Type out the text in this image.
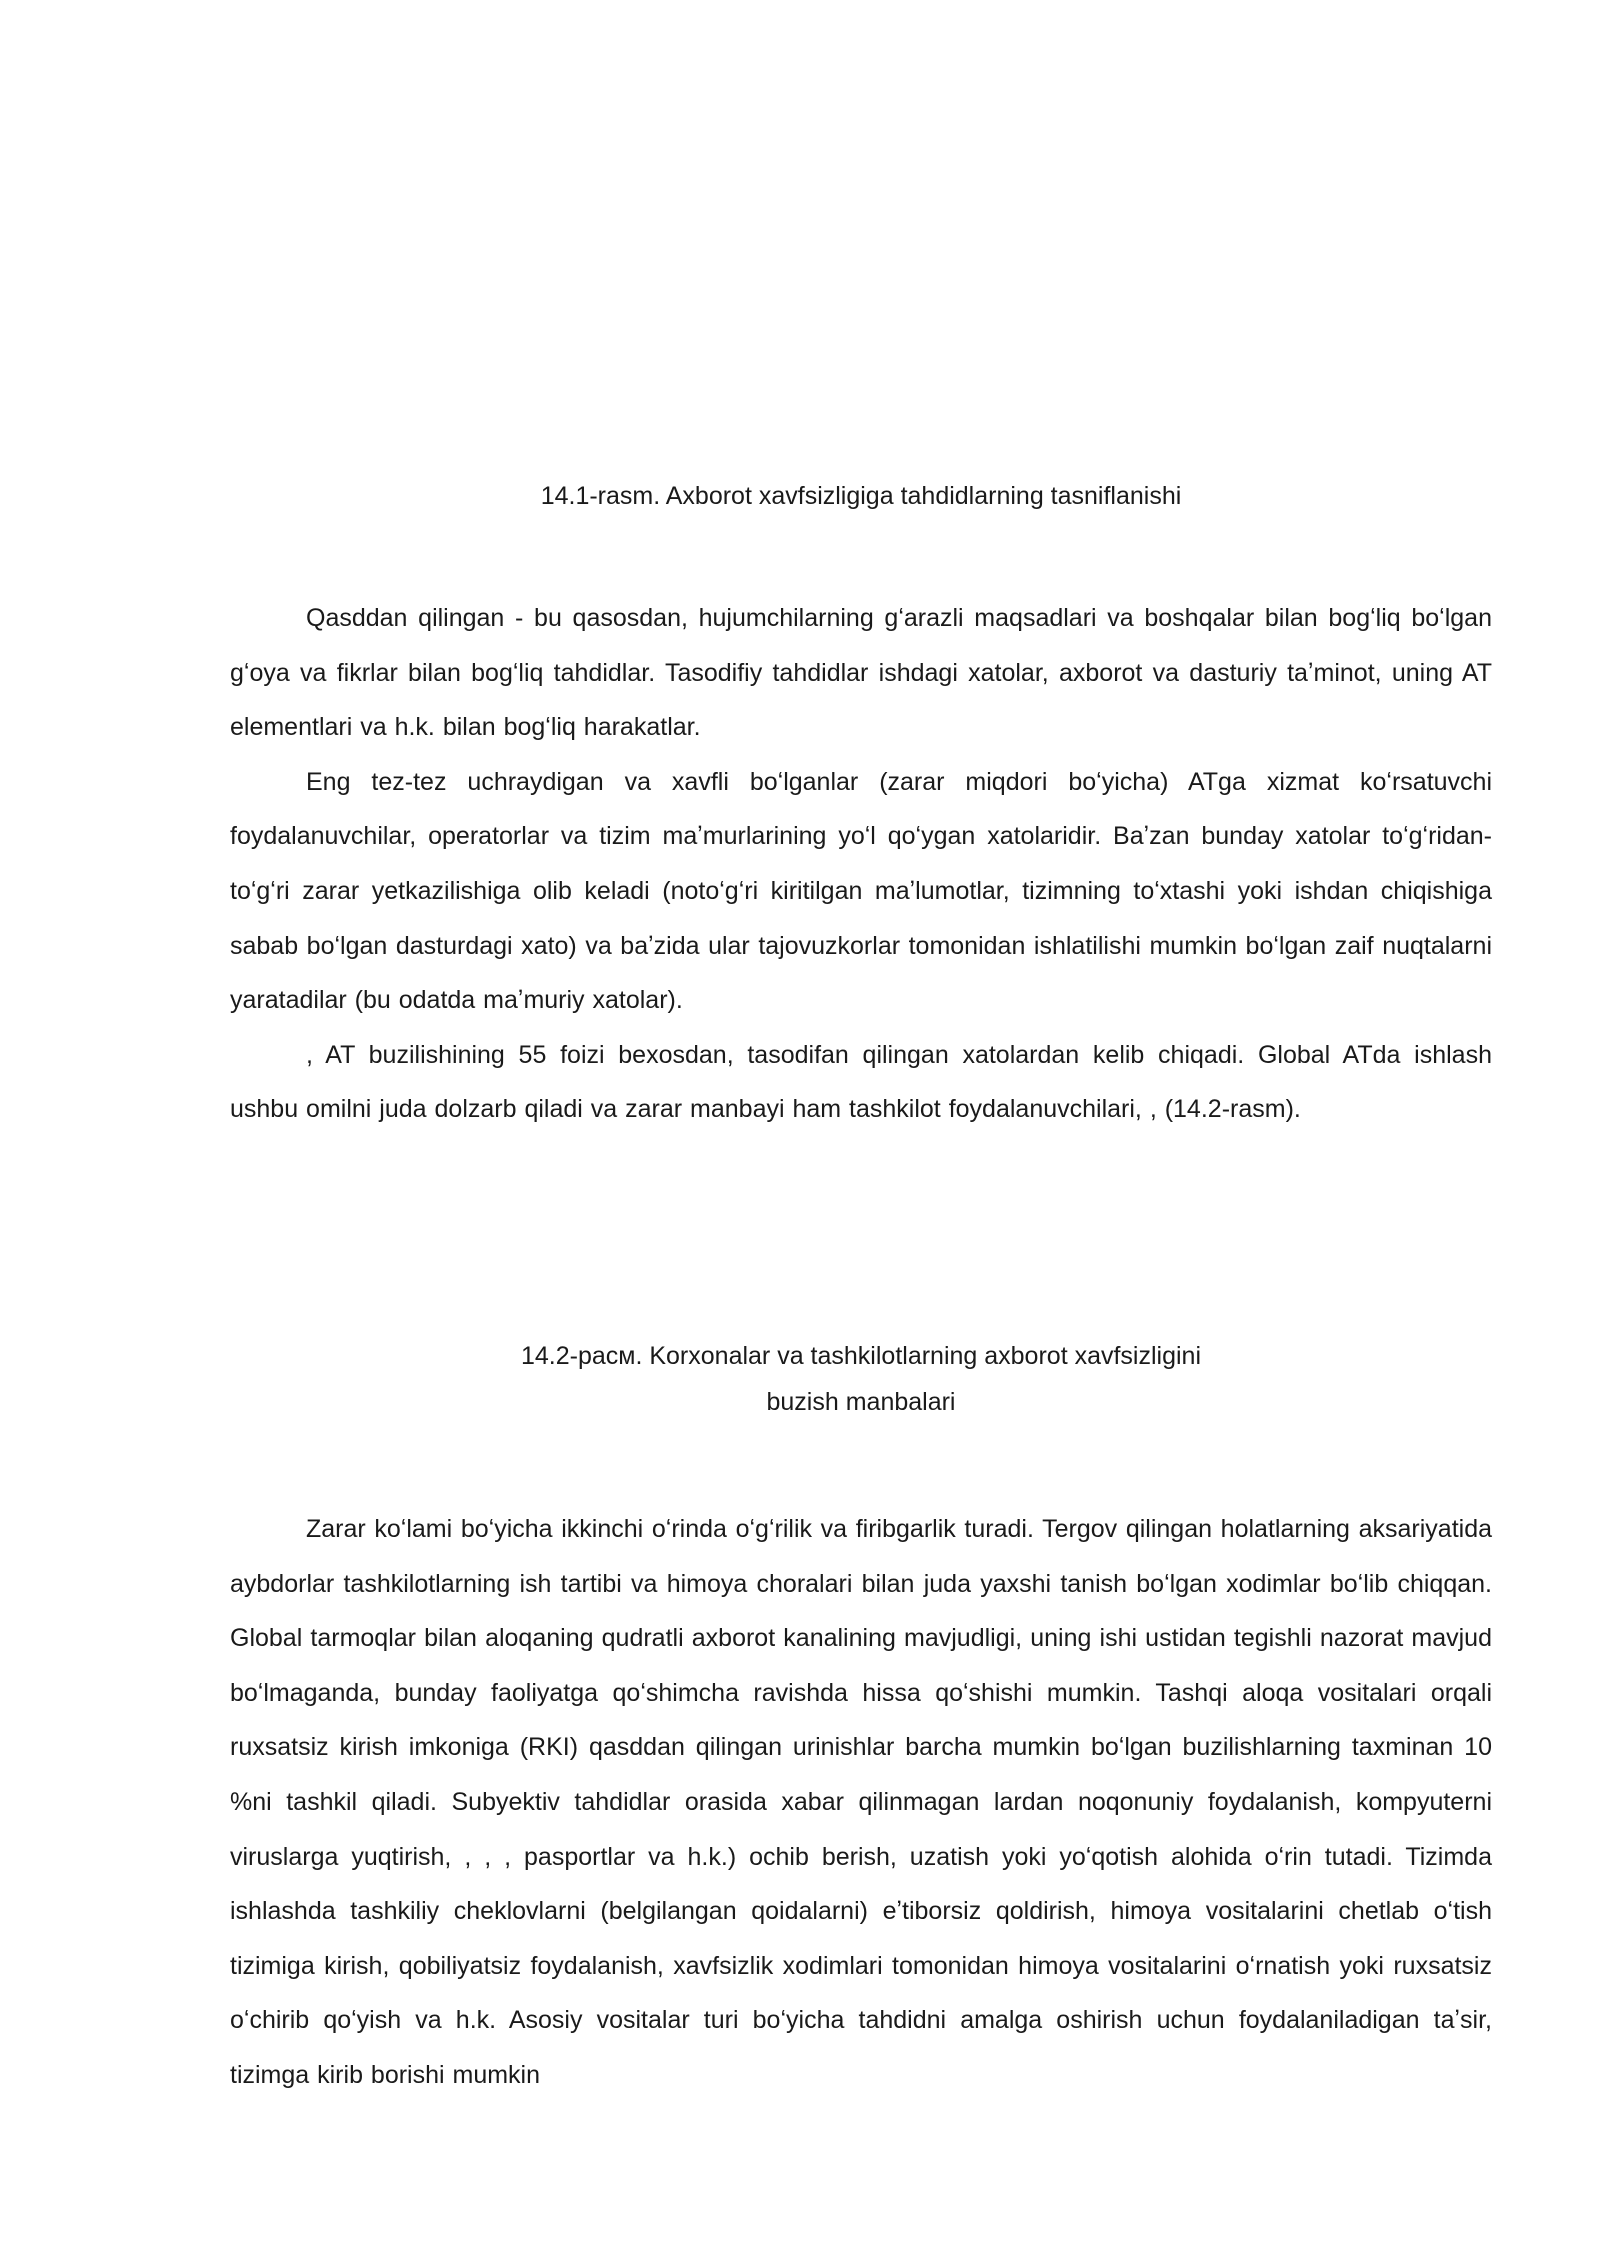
14.1-rasm. Axborot xavfsizligiga tahdidlarning tasniflanishi

Qasddan qilingan - bu qasosdan, hujumchilarning gʻarazli maqsadlari va boshqalar bilan bogʻliq boʻlgan gʻoya va fikrlar bilan bogʻliq tahdidlar. Tasodifiy tahdidlar ishdagi xatolar, axborot va dasturiy taʼminot, uning AT elementlari va h.k. bilan bogʻliq harakatlar.

Eng tez-tez uchraydigan va xavfli boʻlganlar (zarar miqdori boʻyicha) ATga xizmat koʻrsatuvchi foydalanuvchilar, operatorlar va tizim maʼmurlarining yoʻl qoʻygan xatolaridir. Baʼzan bunday xatolar toʻgʻridan-toʻgʻri zarar yetkazilishiga olib keladi (notoʻgʻri kiritilgan maʼlumotlar, tizimning toʻxtashi yoki ishdan chiqishiga sabab boʻlgan dasturdagi xato) va baʼzida ular tajovuzkorlar tomonidan ishlatilishi mumkin boʻlgan zaif nuqtalarni yaratadilar (bu odatda maʼmuriy xatolar).

, AT buzilishining 55 foizi bexosdan, tasodifan qilingan xatolardan kelib chiqadi. Global ATda ishlash ushbu omilni juda dolzarb qiladi va zarar manbayi ham tashkilot foydalanuvchilari, , (14.2-rasm).

14.2-расм. Korxonalar va tashkilotlarning axborot xavfsizligini
buzish manbalari

Zarar koʻlami boʻyicha ikkinchi oʻrinda oʻgʻrilik va firibgarlik turadi. Tergov qilingan holatlarning aksariyatida aybdorlar tashkilotlarning ish tartibi va himoya choralari bilan juda yaxshi tanish boʻlgan xodimlar boʻlib chiqqan. Global tarmoqlar bilan aloqaning qudratli axborot kanalining mavjudligi, uning ishi ustidan tegishli nazorat mavjud boʻlmaganda, bunday faoliyatga qoʻshimcha ravishda hissa qoʻshishi mumkin. Tashqi aloqa vositalari orqali ruxsatsiz kirish imkoniga (RKI) qasddan qilingan urinishlar barcha mumkin boʻlgan buzilishlarning taxminan 10 %ni tashkil qiladi. Subyektiv tahdidlar orasida xabar qilinmagan lardan noqonuniy foydalanish, kompyuterni viruslarga yuqtirish, , , , pasportlar va h.k.) ochib berish, uzatish yoki yoʻqotish alohida oʻrin tutadi. Tizimda ishlashda tashkiliy cheklovlarni (belgilangan qoidalarni) eʼtiborsiz qoldirish, himoya vositalarini chetlab oʻtish tizimiga kirish, qobiliyatsiz foydalanish, xavfsizlik xodimlari tomonidan himoya vositalarini oʻrnatish yoki ruxsatsiz oʻchirib qoʻyish va h.k. Asosiy vositalar turi boʻyicha tahdidni amalga oshirish uchun foydalaniladigan taʼsir, tizimga kirib borishi mumkin
